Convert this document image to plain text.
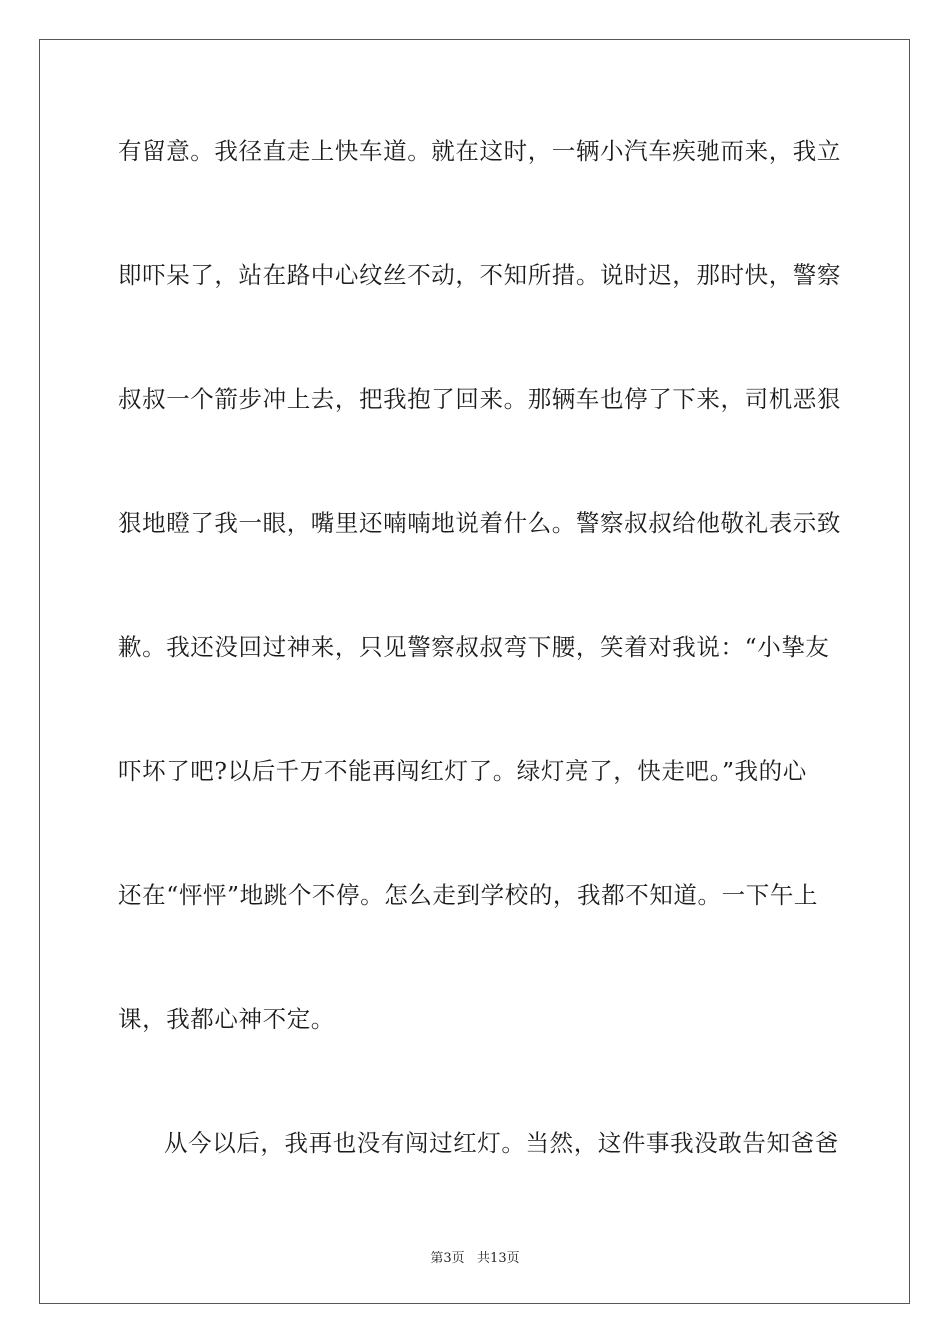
有留意。我径直走上快车道。就在这时，一辆小汽车疾驰而来，我立
即吓呆了，站在路中心纹丝不动，不知所措。说时迟，那时快，警察
叔叔一个箭步冲上去，把我抱了回来。那辆车也停了下来，司机恶狠
狠地瞪了我一眼，嘴里还喃喃地说着什么。警察叔叔给他敬礼表示致
歉。我还没回过神来，只见警察叔叔弯下腰，笑着对我说：“小挚友
吓坏了吧?以后千万不能再闯红灯了。绿灯亮了，快走吧。”我的心
还在“怦怦”地跳个不停。怎么走到学校的，我都不知道。一下午上
课，我都心神不定。
从今以后，我再也没有闯过红灯。当然，这件事我没敢告知爸爸
第3页   共13页
